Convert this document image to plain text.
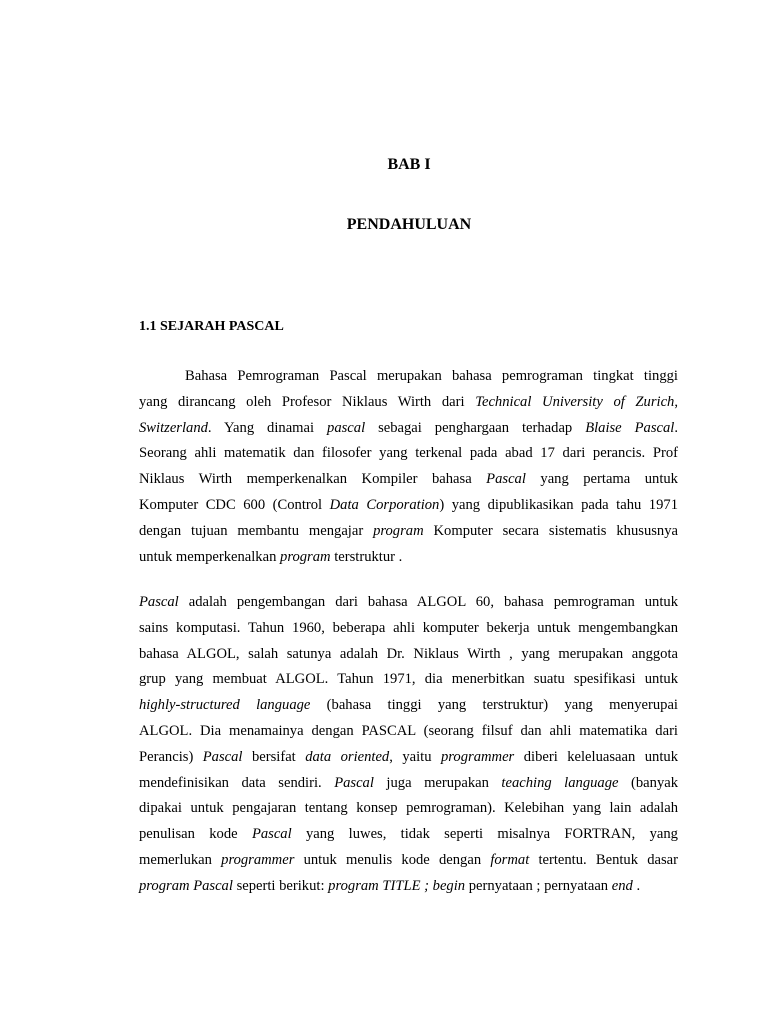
BAB I
PENDAHULUAN
1.1 SEJARAH PASCAL
Bahasa Pemrograman Pascal merupakan bahasa pemrograman tingkat tinggi
yang dirancang oleh Profesor Niklaus Wirth dari Technical University of Zurich,
Switzerland. Yang dinamai pascal sebagai penghargaan terhadap Blaise Pascal.
Seorang ahli matematik dan filosofer yang terkenal pada abad 17 dari perancis. Prof
Niklaus Wirth memperkenalkan Kompiler bahasa Pascal yang pertama untuk
Komputer CDC 600 (Control Data Corporation) yang dipublikasikan pada tahu 1971
dengan tujuan membantu mengajar program Komputer secara sistematis khususnya
untuk memperkenalkan program terstruktur .
Pascal adalah pengembangan dari bahasa ALGOL 60, bahasa pemrograman untuk
sains komputasi. Tahun 1960, beberapa ahli komputer bekerja untuk mengembangkan
bahasa ALGOL, salah satunya adalah Dr. Niklaus Wirth , yang merupakan anggota
grup yang membuat ALGOL. Tahun 1971, dia menerbitkan suatu spesifikasi untuk
highly-structured language (bahasa tinggi yang terstruktur) yang menyerupai
ALGOL. Dia menamainya dengan PASCAL (seorang filsuf dan ahli matematika dari
Perancis) Pascal bersifat data oriented, yaitu programmer diberi keleluasaan untuk
mendefinisikan data sendiri. Pascal juga merupakan teaching language (banyak
dipakai untuk pengajaran tentang konsep pemrograman). Kelebihan yang lain adalah
penulisan kode Pascal yang luwes, tidak seperti misalnya FORTRAN, yang
memerlukan programmer untuk menulis kode dengan format tertentu. Bentuk dasar
program Pascal seperti berikut: program TITLE ; begin pernyataan ; pernyataan end .
